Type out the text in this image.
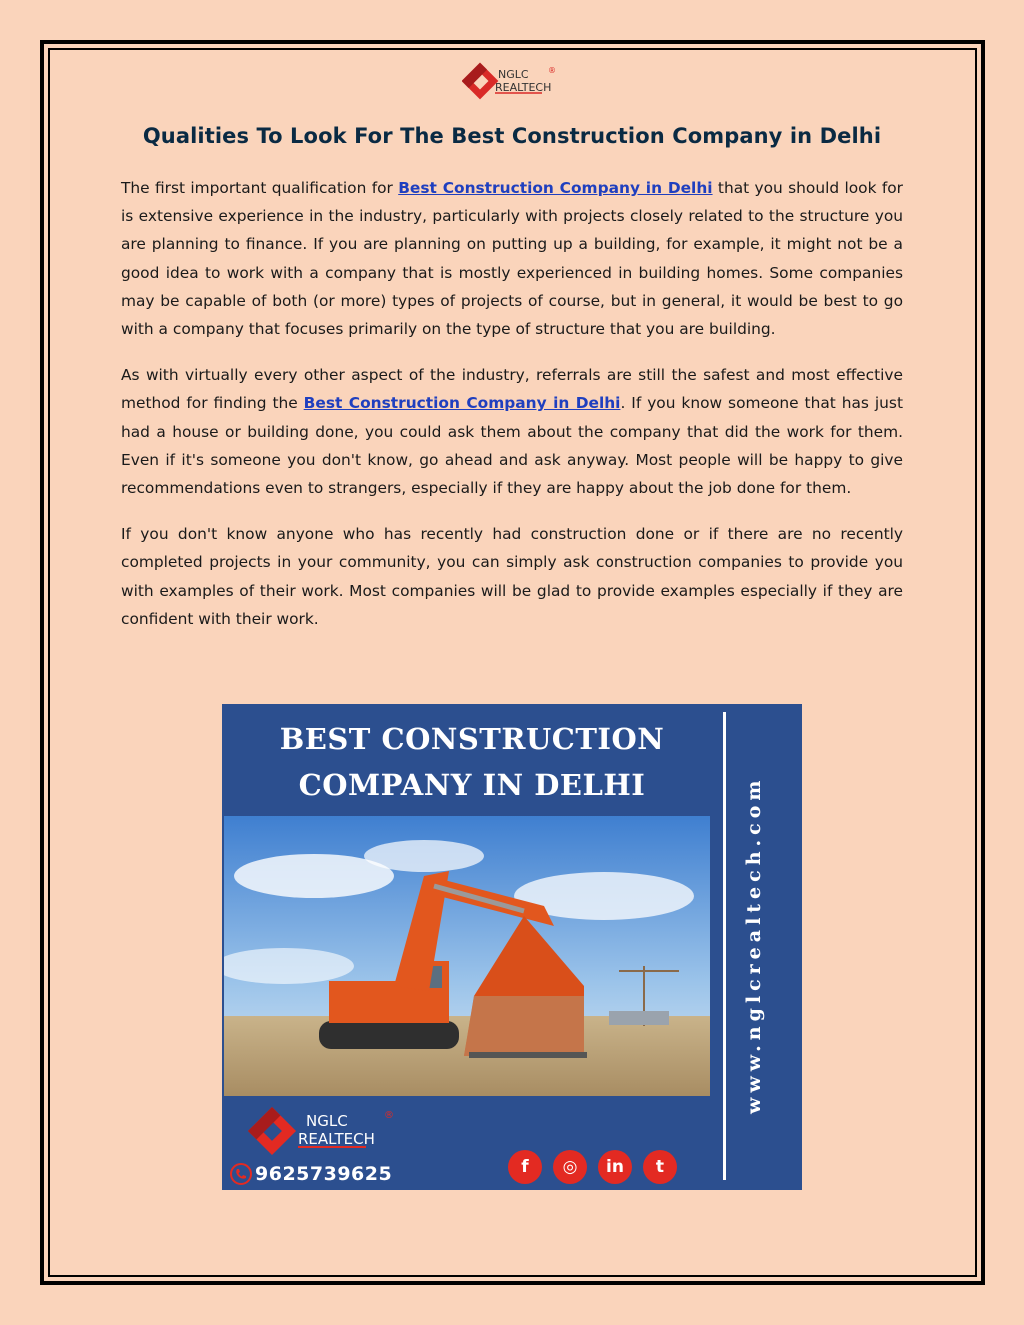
NGLC
REALTECH
®
Qualities To Look For The Best Construction Company in Delhi

The first important qualification for Best Construction Company in Delhi that you should look for is extensive experience in the industry, particularly with projects closely related to the structure you are planning to finance. If you are planning on putting up a building, for example, it might not be a good idea to work with a company that is mostly experienced in building homes. Some companies may be capable of both (or more) types of projects of course, but in general, it would be best to go with a company that focuses primarily on the type of structure that you are building.

As with virtually every other aspect of the industry, referrals are still the safest and most effective method for finding the Best Construction Company in Delhi. If you know someone that has just had a house or building done, you could ask them about the company that did the work for them. Even if it's someone you don't know, go ahead and ask anyway. Most people will be happy to give recommendations even to strangers, especially if they are happy about the job done for them.

If you don't know anyone who has recently had construction done or if there are no recently completed projects in your community, you can simply ask construction companies to provide you with examples of their work. Most companies will be glad to provide examples especially if they are confident with their work.

BEST CONSTRUCTION
COMPANY IN DELHI	www.nglcrealtech.com
NGLC
REALTECH
®
9625739625	f	◎	in	t
